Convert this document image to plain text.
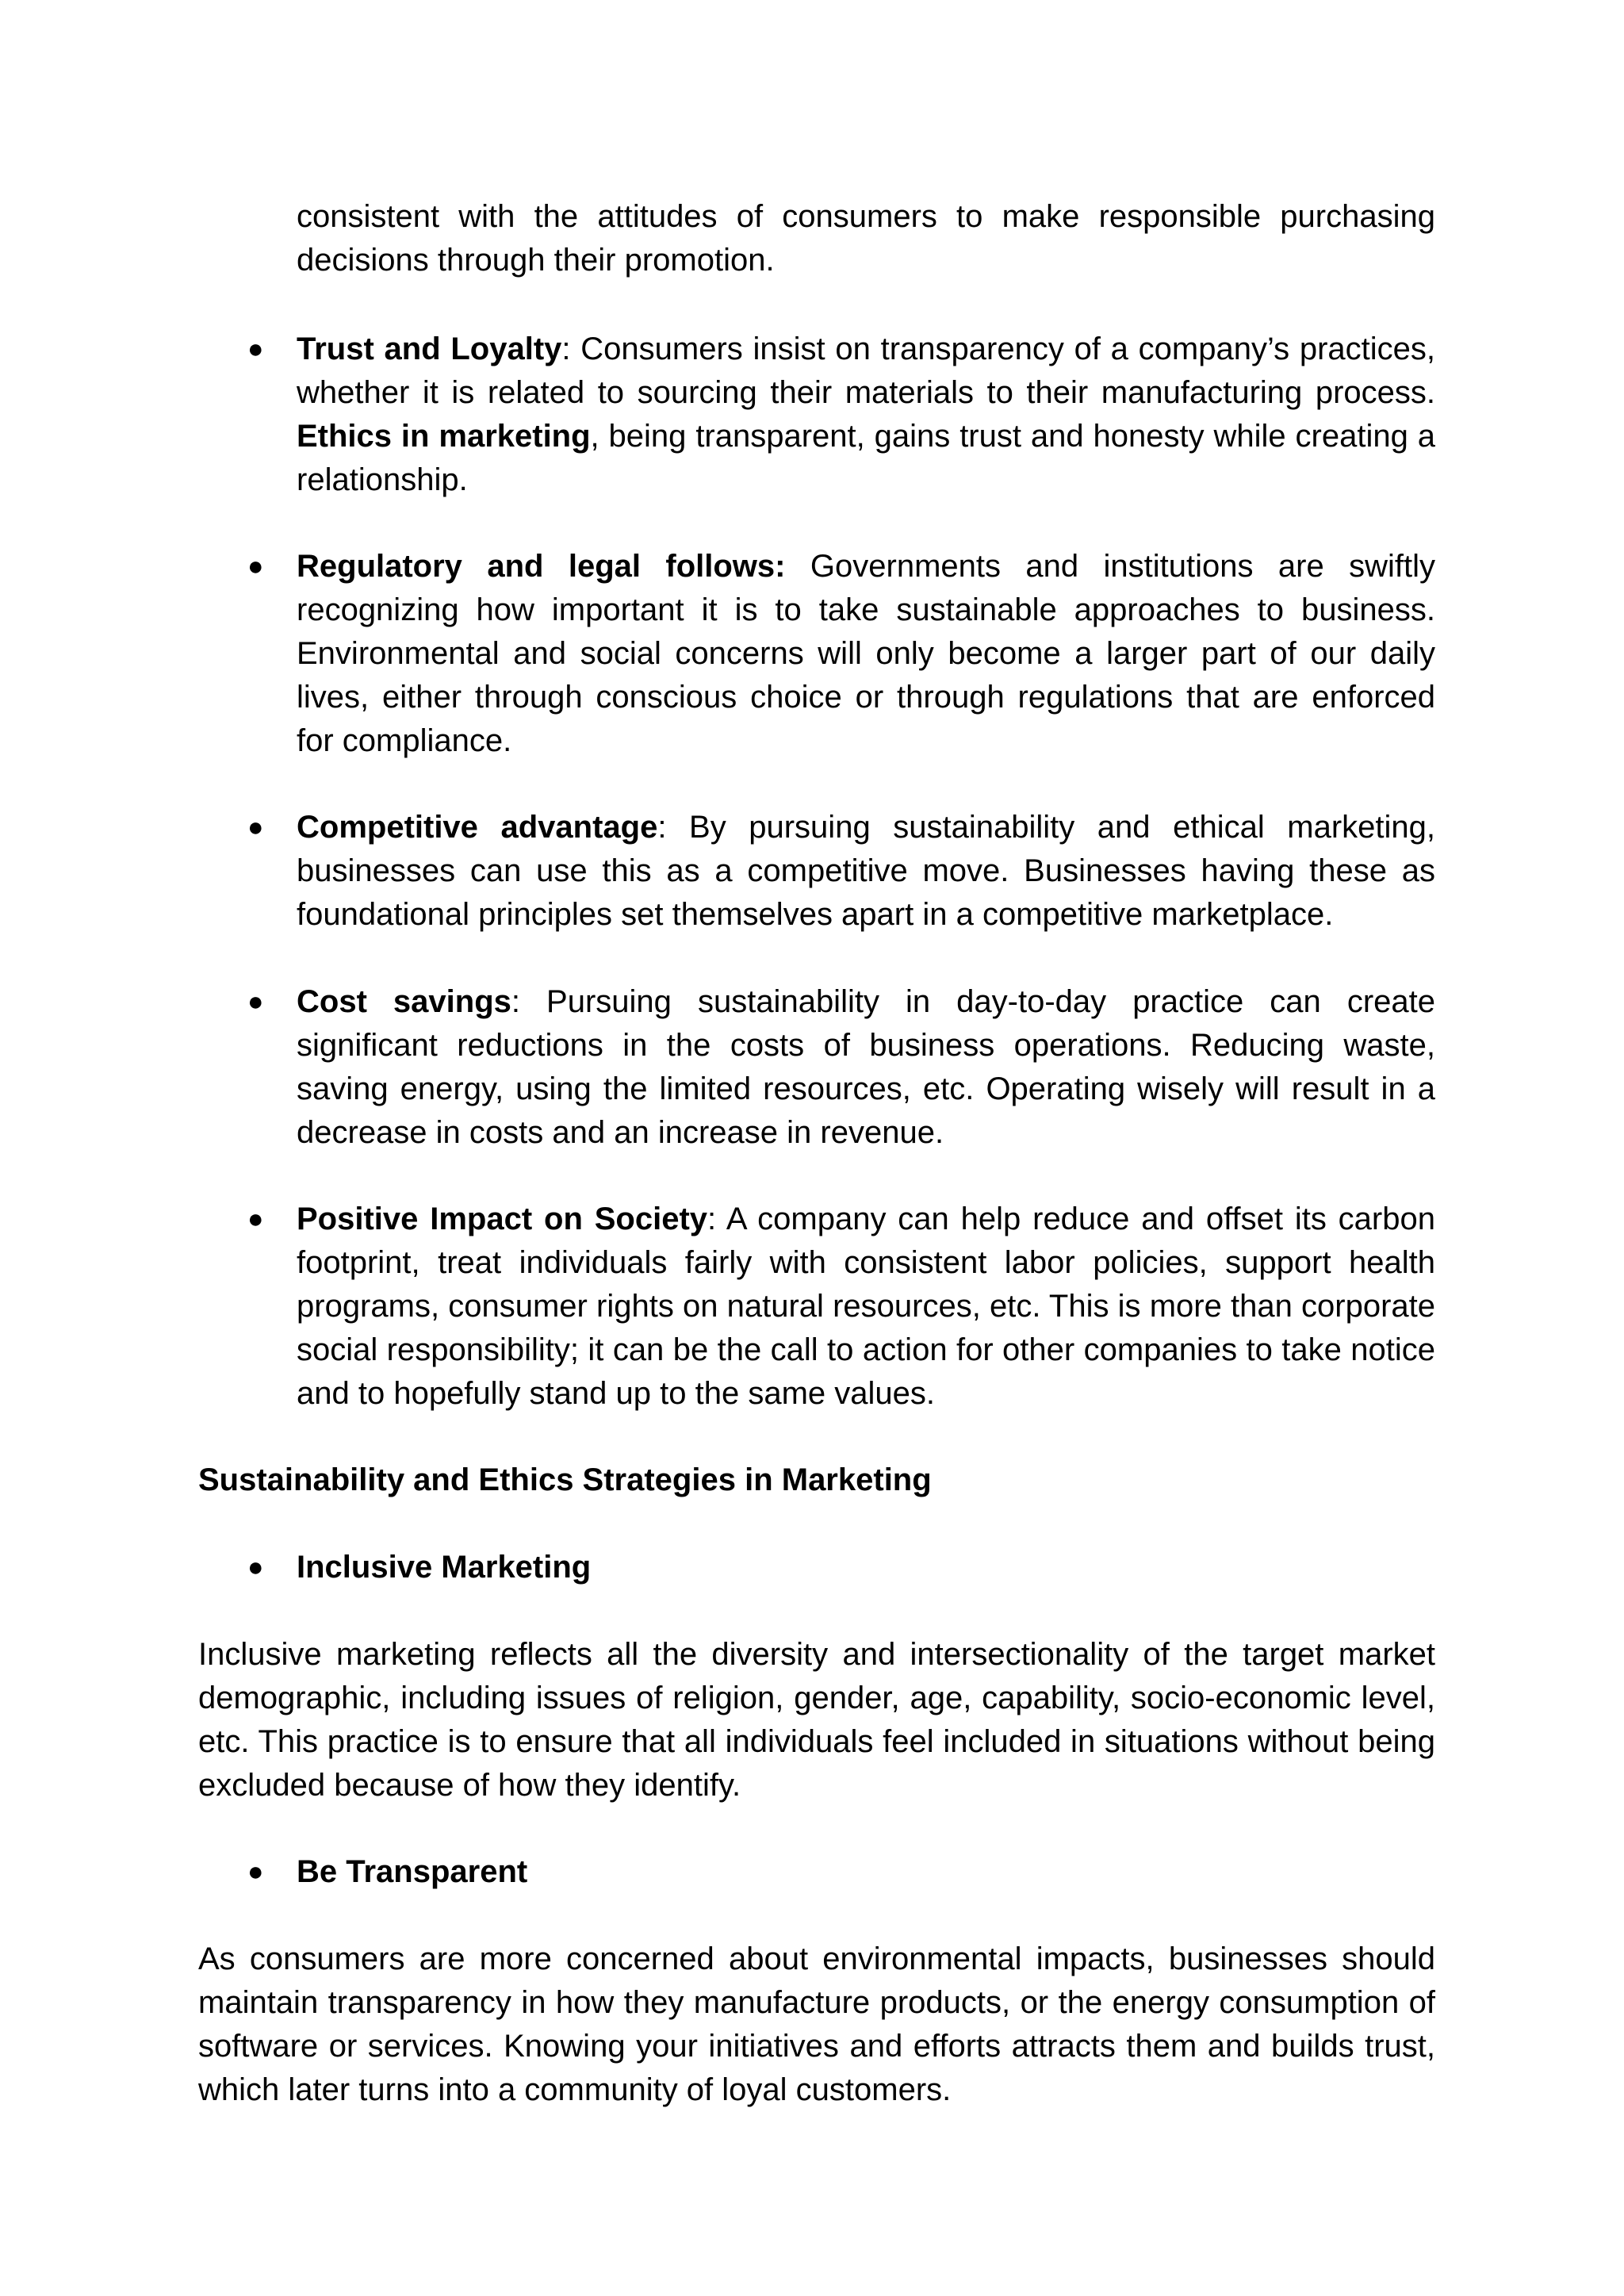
consistent with the attitudes of consumers to make responsible purchasing decisions through their promotion.

● Trust and Loyalty: Consumers insist on transparency of a company’s practices, whether it is related to sourcing their materials to their manufacturing process. Ethics in marketing, being transparent, gains trust and honesty while creating a relationship.

● Regulatory and legal follows: Governments and institutions are swiftly recognizing how important it is to take sustainable approaches to business. Environmental and social concerns will only become a larger part of our daily lives, either through conscious choice or through regulations that are enforced for compliance.

● Competitive advantage: By pursuing sustainability and ethical marketing, businesses can use this as a competitive move. Businesses having these as foundational principles set themselves apart in a competitive marketplace.

● Cost savings: Pursuing sustainability in day-to-day practice can create significant reductions in the costs of business operations. Reducing waste, saving energy, using the limited resources, etc. Operating wisely will result in a decrease in costs and an increase in revenue.

● Positive Impact on Society: A company can help reduce and offset its carbon footprint, treat individuals fairly with consistent labor policies, support health programs, consumer rights on natural resources, etc. This is more than corporate social responsibility; it can be the call to action for other companies to take notice and to hopefully stand up to the same values.

Sustainability and Ethics Strategies in Marketing

● Inclusive Marketing

Inclusive marketing reflects all the diversity and intersectionality of the target market demographic, including issues of religion, gender, age, capability, socio-economic level, etc. This practice is to ensure that all individuals feel included in situations without being excluded because of how they identify.

● Be Transparent

As consumers are more concerned about environmental impacts, businesses should maintain transparency in how they manufacture products, or the energy consumption of software or services. Knowing your initiatives and efforts attracts them and builds trust, which later turns into a community of loyal customers.
